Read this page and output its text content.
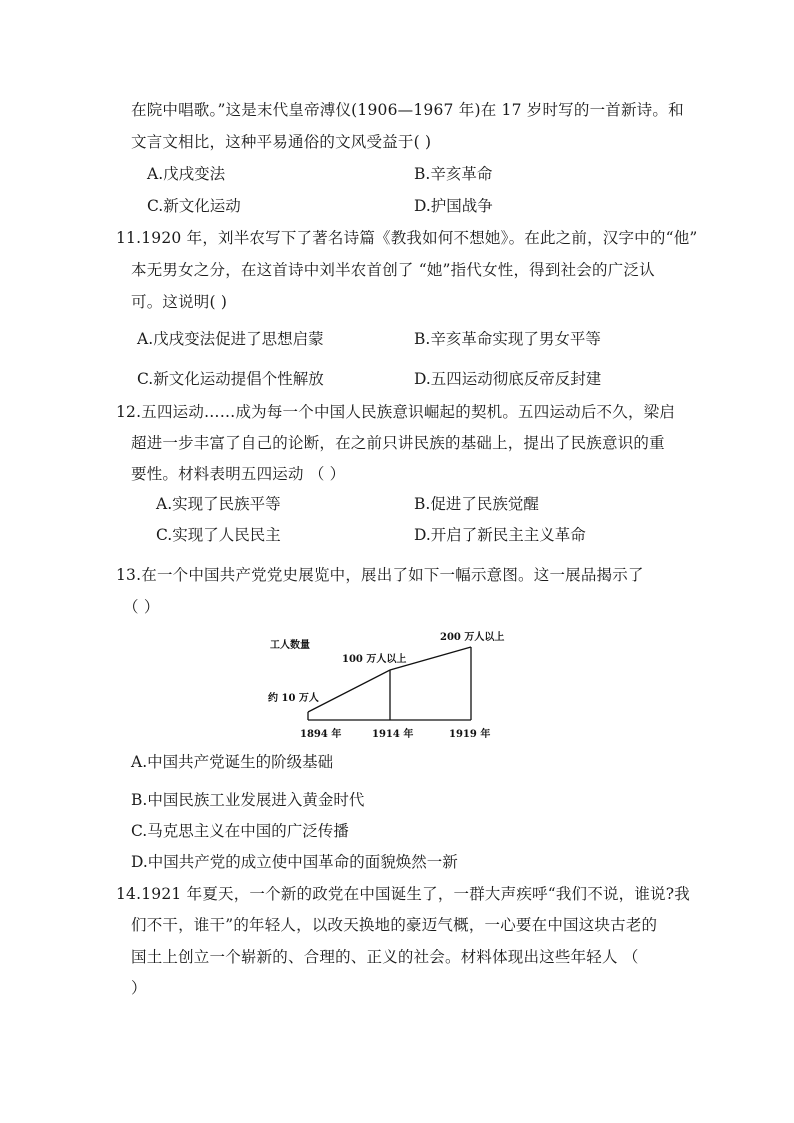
在院中唱歌。”这是末代皇帝溥仪(1906—1967 年)在 17 岁时写的一首新诗。和
文言文相比，这种平易通俗的文风受益于( )
A.戊戌变法	B.辛亥革命
C.新文化运动	D.护国战争
11.1920 年，刘半农写下了著名诗篇《教我如何不想她》。在此之前，汉字中的“他”
本无男女之分，在这首诗中刘半农首创了 “她”指代女性，得到社会的广泛认
可。这说明( )
A.戊戌变法促进了思想启蒙	B.辛亥革命实现了男女平等
C.新文化运动提倡个性解放	D.五四运动彻底反帝反封建
12.五四运动……成为每一个中国人民族意识崛起的契机。五四运动后不久，梁启
超进一步丰富了自己的论断，在之前只讲民族的基础上，提出了民族意识的重
要性。材料表明五四运动 （ ）
A.实现了民族平等	B.促进了民族觉醒
C.实现了人民民主	D.开启了新民主主义革命
13.在一个中国共产党党史展览中，展出了如下一幅示意图。这一展品揭示了
（ ）
工人数量
1894 年	1914 年	1919 年
约 10 万人
100 万人以上
200 万人以上
A.中国共产党诞生的阶级基础
B.中国民族工业发展进入黄金时代
C.马克思主义在中国的广泛传播
D.中国共产党的成立使中国革命的面貌焕然一新
14.1921 年夏天，一个新的政党在中国诞生了，一群大声疾呼“我们不说，谁说?我
们不干，谁干”的年轻人，以改天换地的豪迈气概，一心要在中国这块古老的
国土上创立一个崭新的、合理的、正义的社会。材料体现出这些年轻人 （
）
